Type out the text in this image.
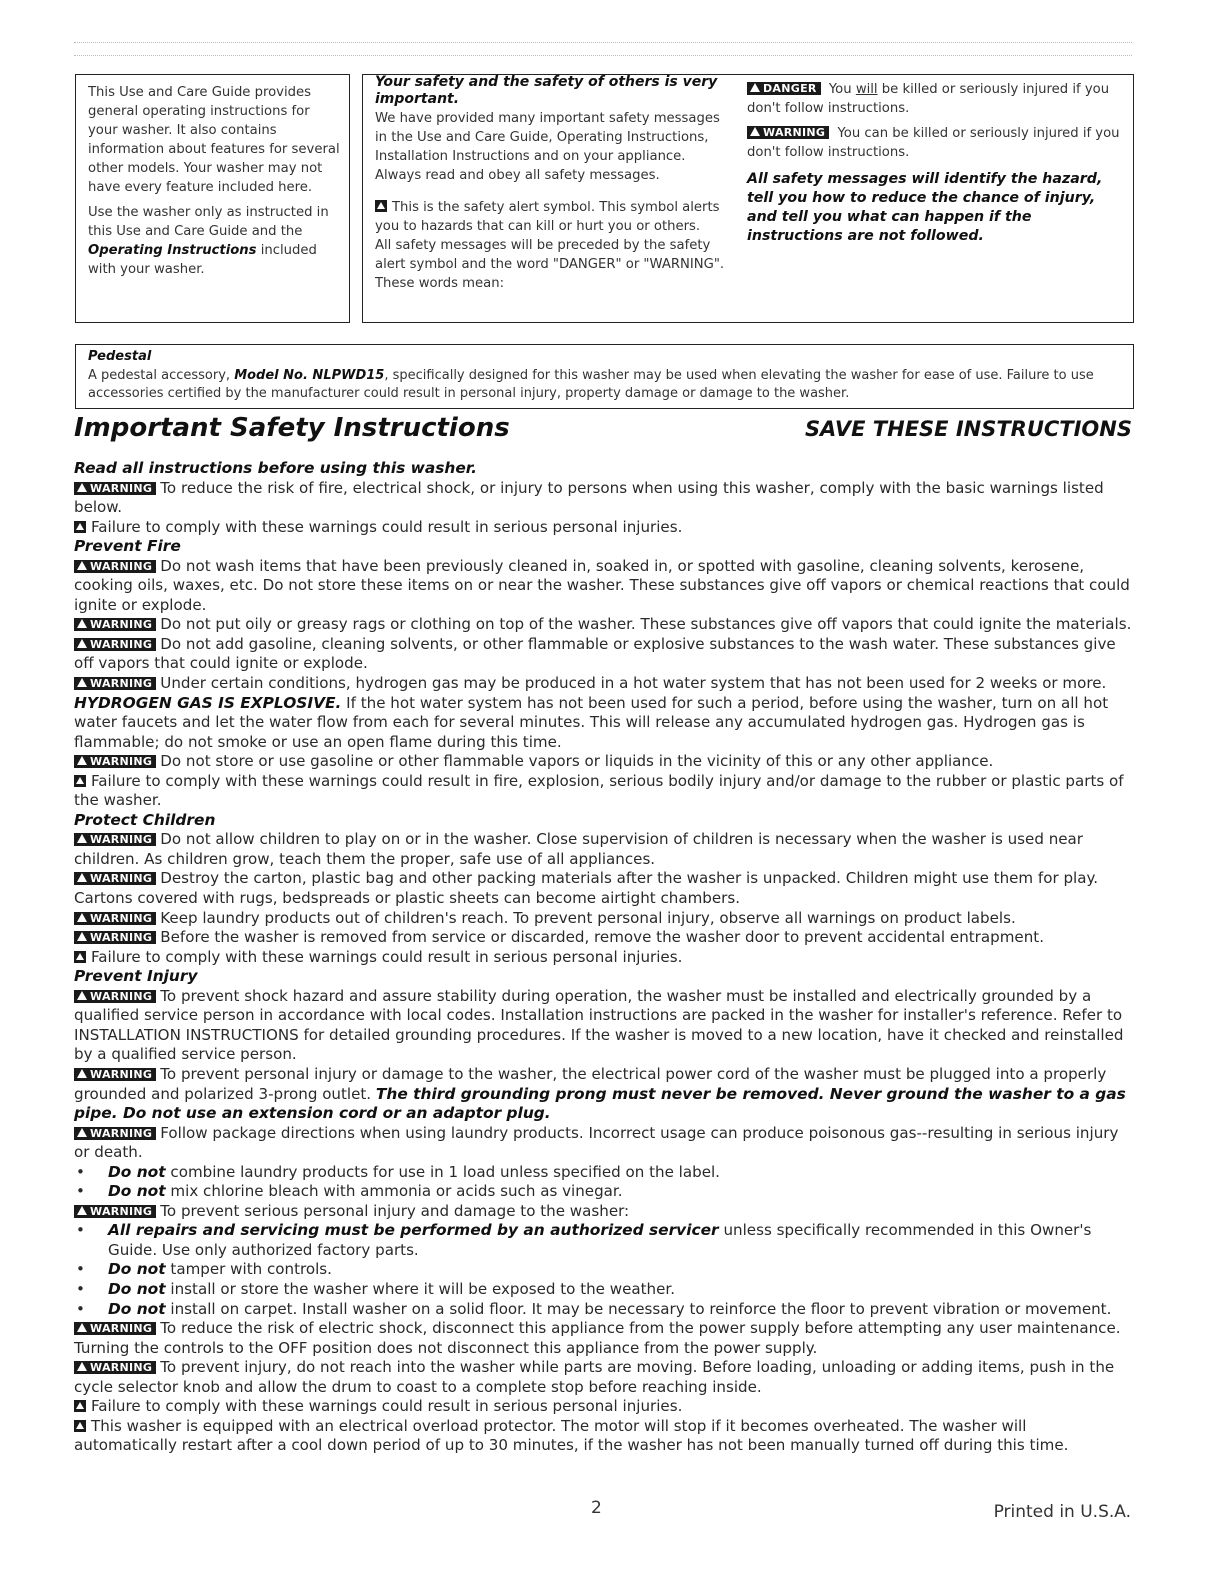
This Use and Care Guide provides general operating instructions for your washer. It also contains information about features for several other models. Your washer may not have every feature included here.

Use the washer only as instructed in this Use and Care Guide and the Operating Instructions included with your washer.

Your safety and the safety of others is very important.

We have provided many important safety messages in the Use and Care Guide, Operating Instructions, Installation Instructions and on your appliance. Always read and obey all safety messages.

This is the safety alert symbol. This symbol alerts you to hazards that can kill or hurt you or others.

All safety messages will be preceded by the safety alert symbol and the word "DANGER" or "WARNING". These words mean:

DANGER You will be killed or seriously injured if you don't follow instructions.

WARNING You can be killed or seriously injured if you don't follow instructions.

All safety messages will identify the hazard, tell you how to reduce the chance of injury, and tell you what can happen if the instructions are not followed.

Pedestal

A pedestal accessory, Model No. NLPWD15, specifically designed for this washer may be used when elevating the washer for ease of use. Failure to use accessories certified by the manufacturer could result in personal injury, property damage or damage to the washer.

Important Safety Instructions	SAVE THESE INSTRUCTIONS

Read all instructions before using this washer.

WARNING To reduce the risk of fire, electrical shock, or injury to persons when using this washer, comply with the basic warnings listed below.

Failure to comply with these warnings could result in serious personal injuries.

Prevent Fire

WARNING Do not wash items that have been previously cleaned in, soaked in, or spotted with gasoline, cleaning solvents, kerosene, cooking oils, waxes, etc. Do not store these items on or near the washer. These substances give off vapors or chemical reactions that could ignite or explode.

WARNING Do not put oily or greasy rags or clothing on top of the washer. These substances give off vapors that could ignite the materials.

WARNING Do not add gasoline, cleaning solvents, or other flammable or explosive substances to the wash water. These substances give off vapors that could ignite or explode.

WARNING Under certain conditions, hydrogen gas may be produced in a hot water system that has not been used for 2 weeks or more. HYDROGEN GAS IS EXPLOSIVE. If the hot water system has not been used for such a period, before using the washer, turn on all hot water faucets and let the water flow from each for several minutes. This will release any accumulated hydrogen gas. Hydrogen gas is flammable; do not smoke or use an open flame during this time.

WARNING Do not store or use gasoline or other flammable vapors or liquids in the vicinity of this or any other appliance.

Failure to comply with these warnings could result in fire, explosion, serious bodily injury and/or damage to the rubber or plastic parts of the washer.

Protect Children

WARNING Do not allow children to play on or in the washer. Close supervision of children is necessary when the washer is used near children. As children grow, teach them the proper, safe use of all appliances.

WARNING Destroy the carton, plastic bag and other packing materials after the washer is unpacked. Children might use them for play. Cartons covered with rugs, bedspreads or plastic sheets can become airtight chambers.

WARNING Keep laundry products out of children's reach. To prevent personal injury, observe all warnings on product labels.

WARNING Before the washer is removed from service or discarded, remove the washer door to prevent accidental entrapment.

Failure to comply with these warnings could result in serious personal injuries.

Prevent Injury

WARNING To prevent shock hazard and assure stability during operation, the washer must be installed and electrically grounded by a qualified service person in accordance with local codes. Installation instructions are packed in the washer for installer's reference. Refer to INSTALLATION INSTRUCTIONS for detailed grounding procedures. If the washer is moved to a new location, have it checked and reinstalled by a qualified service person.

WARNING To prevent personal injury or damage to the washer, the electrical power cord of the washer must be plugged into a properly grounded and polarized 3-prong outlet. The third grounding prong must never be removed. Never ground the washer to a gas pipe. Do not use an extension cord or an adaptor plug.

WARNING Follow package directions when using laundry products. Incorrect usage can produce poisonous gas--resulting in serious injury or death.

• Do not combine laundry products for use in 1 load unless specified on the label.

• Do not mix chlorine bleach with ammonia or acids such as vinegar.

WARNING To prevent serious personal injury and damage to the washer:

• All repairs and servicing must be performed by an authorized servicer unless specifically recommended in this Owner's Guide. Use only authorized factory parts.

• Do not tamper with controls.

• Do not install or store the washer where it will be exposed to the weather.

• Do not install on carpet. Install washer on a solid floor. It may be necessary to reinforce the floor to prevent vibration or movement.

WARNING To reduce the risk of electric shock, disconnect this appliance from the power supply before attempting any user maintenance. Turning the controls to the OFF position does not disconnect this appliance from the power supply.

WARNING To prevent injury, do not reach into the washer while parts are moving. Before loading, unloading or adding items, push in the cycle selector knob and allow the drum to coast to a complete stop before reaching inside.

Failure to comply with these warnings could result in serious personal injuries.

This washer is equipped with an electrical overload protector. The motor will stop if it becomes overheated. The washer will automatically restart after a cool down period of up to 30 minutes, if the washer has not been manually turned off during this time.

2	Printed in U.S.A.
